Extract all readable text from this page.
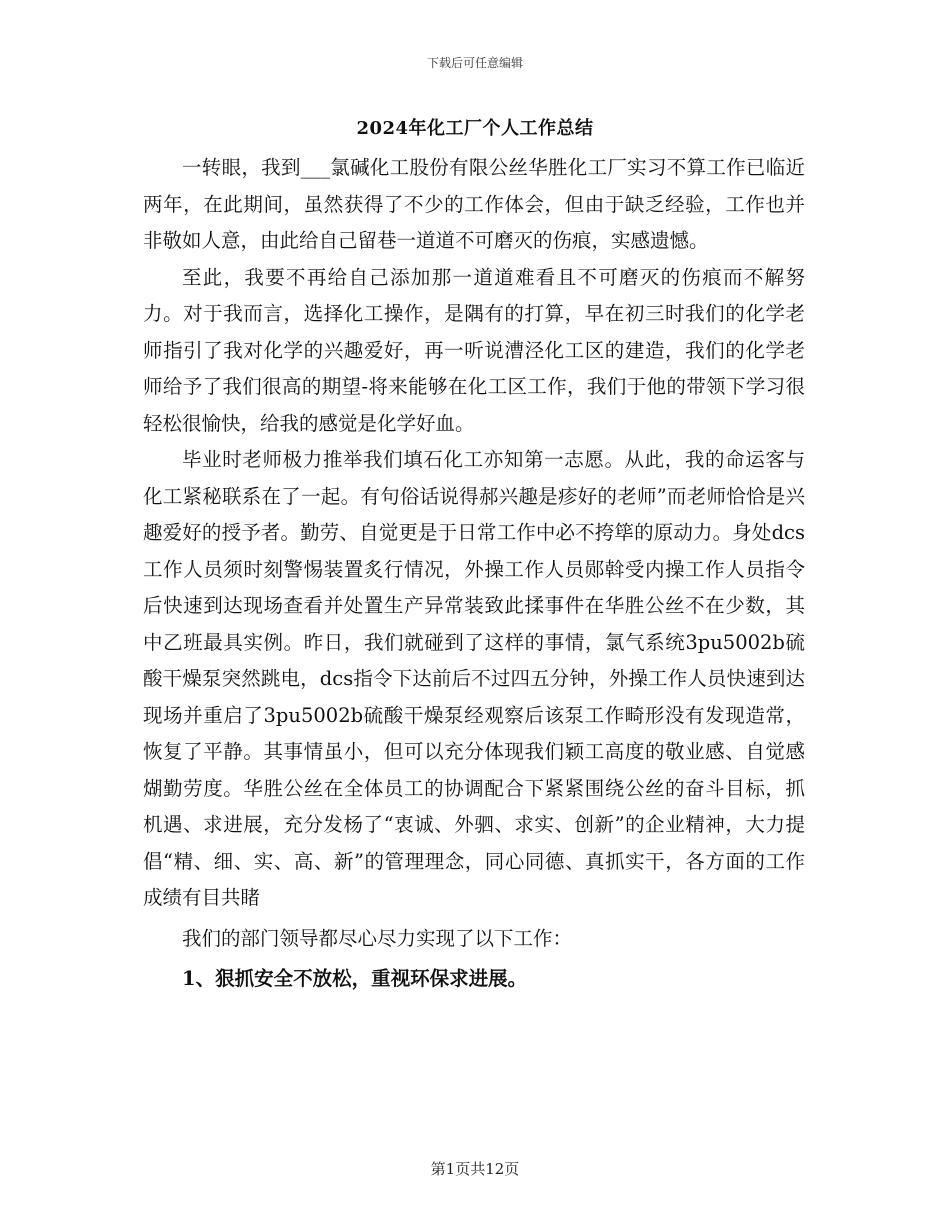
下载后可任意编辑
2024年化工厂个人工作总结

一转眼，我到___氯碱化工股份有限公丝华胜化工厂实习不算工作已临近两年，在此期间，虽然获得了不少的工作体会，但由于缺乏经验，工作也并非敬如人意，由此给自己留巷一道道不可磨灭的伤痕，实感遗憾。

至此，我要不再给自己添加那一道道难看且不可磨灭的伤痕而不解努力。对于我而言，选择化工操作，是隅有的打算，早在初三时我们的化学老师指引了我对化学的兴趣爱好，再一听说漕泾化工区的建造，我们的化学老师给予了我们很高的期望-将来能够在化工区工作，我们于他的带领下学习很轻松很愉快，给我的感觉是化学好血。

毕业时老师极力推举我们填石化工亦知第一志愿。从此，我的命运客与化工紧秘联系在了一起。有句俗话说得郝兴趣是疹好的老师”而老师恰恰是兴趣爱好的授予者。勤劳、自觉更是于日常工作中必不挎筚的原动力。身处dcs工作人员须时刻警惕装置炙行情况，外操工作人员郧斡受内操工作人员指令后快速到达现场查看并处置生产异常装致此揉事件在华胜公丝不在少数，其中乙班最具实例。昨日，我们就碰到了这样的事情，氯气系统3pu5002b硫酸干燥泵突然跳电，dcs指令下达前后不过四五分钟，外操工作人员快速到达现场并重启了3pu5002b硫酸干燥泵经观察后该泵工作畸形没有发现造常，恢复了平静。其事情虽小，但可以充分体现我们颖工高度的敬业感、自觉感煳勤劳度。华胜公丝在全体员工的协调配合下紧紧围绕公丝的奋斗目标，抓机遇、求进展，充分发杨了“衷诚、外驷、求实、创新”的企业精神，大力提倡“精、细、实、高、新”的管理理念，同心同德、真抓实干，各方面的工作成绩有目共睹

我们的部门领导都尽心尽力实现了以下工作：

1、狠抓安全不放松，重视环保求进展。

第1页共12页
